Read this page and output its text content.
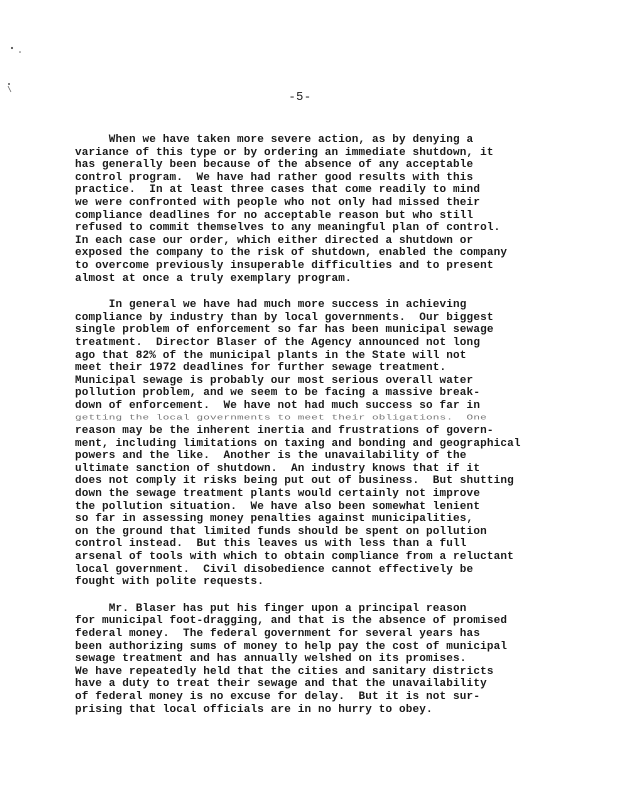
-5-
When we have taken more severe action, as by denying a
variance of this type or by ordering an immediate shutdown, it
has generally been because of the absence of any acceptable
control program.  We have had rather good results with this
practice.  In at least three cases that come readily to mind
we were confronted with people who not only had missed their
compliance deadlines for no acceptable reason but who still
refused to commit themselves to any meaningful plan of control.
In each case our order, which either directed a shutdown or
exposed the company to the risk of shutdown, enabled the company
to overcome previously insuperable difficulties and to present
almost at once a truly exemplary program.
In general we have had much more success in achieving
compliance by industry than by local governments.  Our biggest
single problem of enforcement so far has been municipal sewage
treatment.  Director Blaser of the Agency announced not long
ago that 82% of the municipal plants in the State will not
meet their 1972 deadlines for further sewage treatment.
Municipal sewage is probably our most serious overall water
pollution problem, and we seem to be facing a massive break-
down of enforcement.  We have not had much success so far in
getting the local governments to meet their obligations.  One
reason may be the inherent inertia and frustrations of govern-
ment, including limitations on taxing and bonding and geographical
powers and the like.  Another is the unavailability of the
ultimate sanction of shutdown.  An industry knows that if it
does not comply it risks being put out of business.  But shutting
down the sewage treatment plants would certainly not improve
the pollution situation.  We have also been somewhat lenient
so far in assessing money penalties against municipalities,
on the ground that limited funds should be spent on pollution
control instead.  But this leaves us with less than a full
arsenal of tools with which to obtain compliance from a reluctant
local government.  Civil disobedience cannot effectively be
fought with polite requests.
Mr. Blaser has put his finger upon a principal reason
for municipal foot-dragging, and that is the absence of promised
federal money.  The federal government for several years has
been authorizing sums of money to help pay the cost of municipal
sewage treatment and has annually welshed on its promises.
We have repeatedly held that the cities and sanitary districts
have a duty to treat their sewage and that the unavailability
of federal money is no excuse for delay.  But it is not sur-
prising that local officials are in no hurry to obey.
